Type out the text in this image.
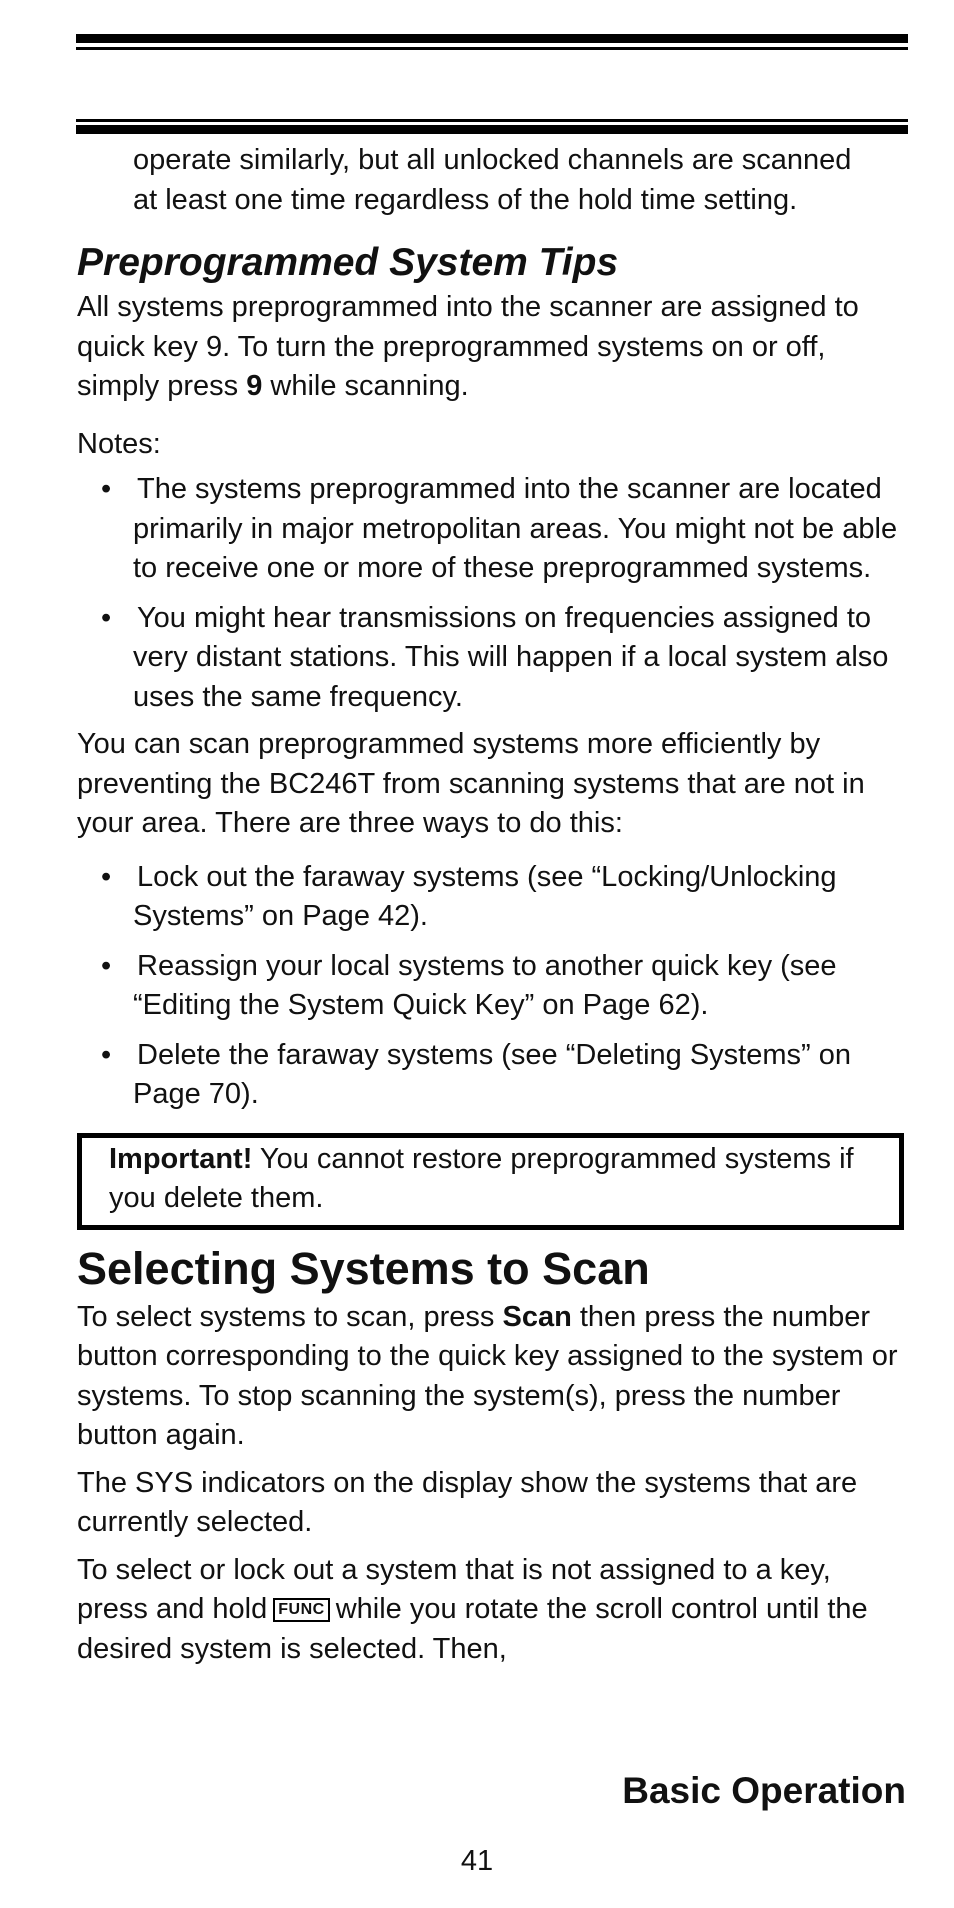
operate similarly, but all unlocked channels are scanned

at least one time regardless of the hold time setting.

Preprogrammed System Tips

All systems preprogrammed into the scanner are assigned to quick key 9. To turn the preprogrammed systems on or off, simply press 9 while scanning.

Notes:

• The systems preprogrammed into the scanner are located primarily in major metropolitan areas. You might not be able to receive one or more of these preprogrammed systems.
• You might hear transmissions on frequencies assigned to very distant stations. This will happen if a local system also uses the same frequency.

You can scan preprogrammed systems more efficiently by preventing the BC246T from scanning systems that are not in your area. There are three ways to do this:

• Lock out the faraway systems (see “Locking/Unlocking Systems” on Page 42).
• Reassign your local systems to another quick key (see “Editing the System Quick Key” on Page 62).
• Delete the faraway systems (see “Deleting Systems” on Page 70).
Important! You cannot restore preprogrammed systems if you delete them.
Selecting Systems to Scan

To select systems to scan, press Scan then press the number button corresponding to the quick key assigned to the system or systems. To stop scanning the system(s), press the number button again.

The SYS indicators on the display show the systems that are currently selected.

To select or lock out a system that is not assigned to a key, press and hold FUNC while you rotate the scroll control until the desired system is selected. Then,

Basic Operation
41
